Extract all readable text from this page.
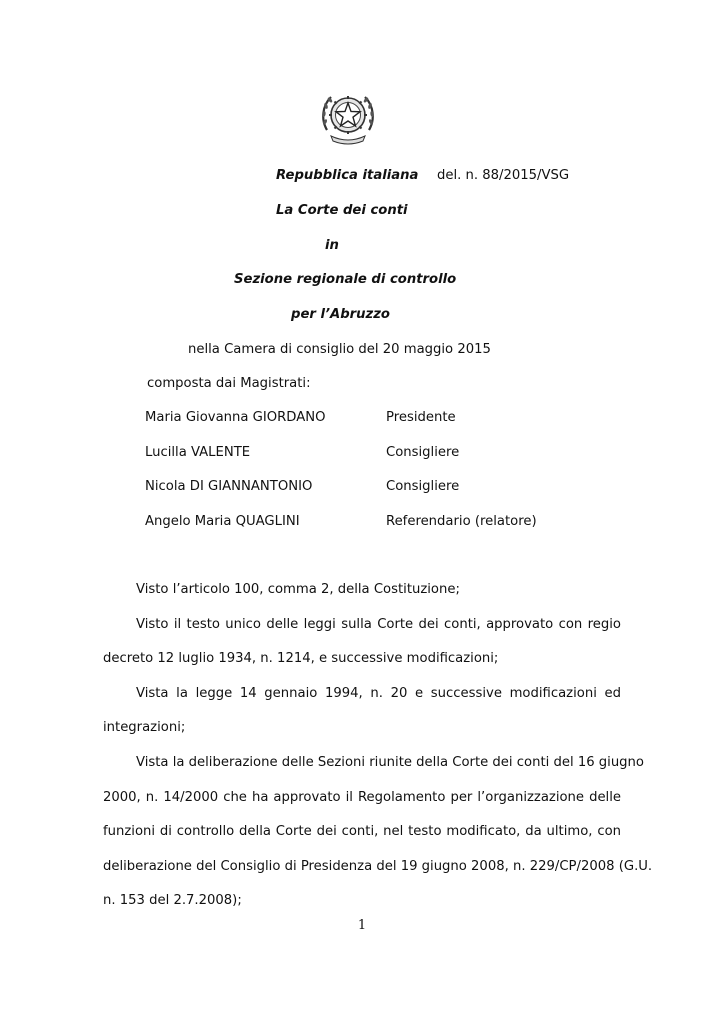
Repubblica italiana del. n. 88/2015/VSG
La Corte dei conti
in
Sezione regionale di controllo
per l’Abruzzo
nella Camera di consiglio del 20 maggio 2015
composta dai Magistrati:
Maria Giovanna GIORDANO	Presidente
Lucilla VALENTE	Consigliere
Nicola DI GIANNANTONIO	Consigliere
Angelo Maria QUAGLINI	Referendario (relatore)
Visto l’articolo 100, comma 2, della Costituzione;
Visto il testo unico delle leggi sulla Corte dei conti, approvato con regio
decreto 12 luglio 1934, n. 1214, e successive modificazioni;
Vista la legge 14 gennaio 1994, n. 20 e successive modificazioni ed
integrazioni;
Vista la deliberazione delle Sezioni riunite della Corte dei conti del 16 giugno
2000, n. 14/2000 che ha approvato il Regolamento per l’organizzazione delle
funzioni di controllo della Corte dei conti, nel testo modificato, da ultimo, con
deliberazione del Consiglio di Presidenza del 19 giugno 2008, n. 229/CP/2008 (G.U.
n. 153 del 2.7.2008);
1
